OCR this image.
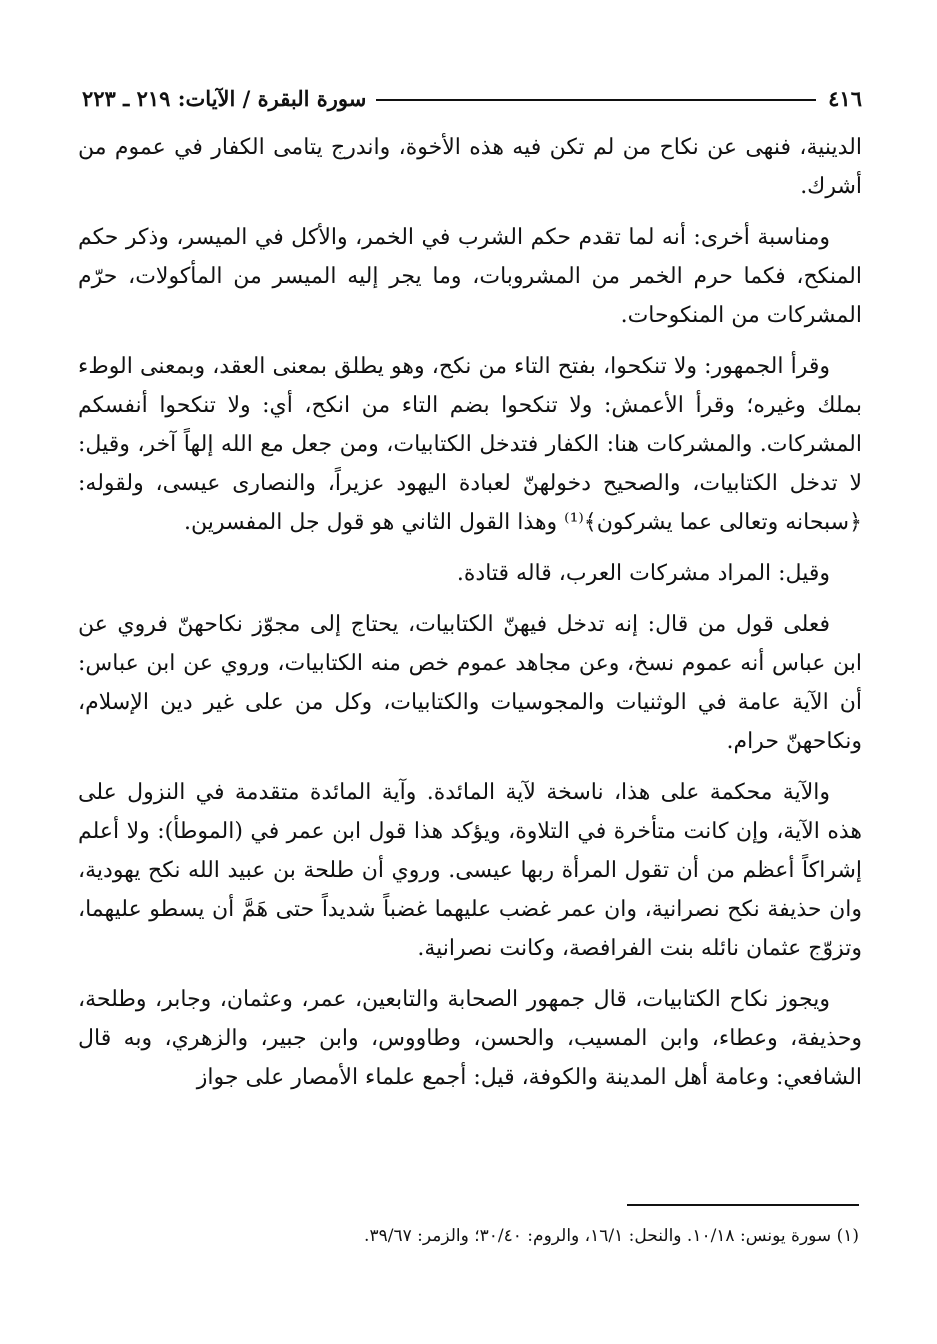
٤١٦
سورة البقرة / الآيات: ٢١٩ ـ ٢٢٣

الدينية، فنهى عن نكاح من لم تكن فيه هذه الأخوة، واندرج يتامى الكفار في عموم من أشرك.

ومناسبة أخرى: أنه لما تقدم حكم الشرب في الخمر، والأكل في الميسر، وذكر حكم المنكح، فكما حرم الخمر من المشروبات، وما يجر إليه الميسر من المأكولات، حرّم المشركات من المنكوحات.

وقرأ الجمهور: ولا تنكحوا، بفتح التاء من نكح، وهو يطلق بمعنى العقد، وبمعنى الوطء بملك وغيره؛ وقرأ الأعمش: ولا تنكحوا بضم التاء من انكح، أي: ولا تنكحوا أنفسكم المشركات. والمشركات هنا: الكفار فتدخل الكتابيات، ومن جعل مع الله إلهاً آخر، وقيل: لا تدخل الكتابيات، والصحيح دخولهنّ لعبادة اليهود عزيراً، والنصارى عيسى، ولقوله: ﴿سبحانه وتعالى عما يشركون﴾⁽¹⁾ وهذا القول الثاني هو قول جل المفسرين.

وقيل: المراد مشركات العرب، قاله قتادة.

فعلى قول من قال: إنه تدخل فيهنّ الكتابيات، يحتاج إلى مجوّز نكاحهنّ فروي عن ابن عباس أنه عموم نسخ، وعن مجاهد عموم خص منه الكتابيات، وروي عن ابن عباس: أن الآية عامة في الوثنيات والمجوسيات والكتابيات، وكل من على غير دين الإسلام، ونكاحهنّ حرام.

والآية محكمة على هذا، ناسخة لآية المائدة. وآية المائدة متقدمة في النزول على هذه الآية، وإن كانت متأخرة في التلاوة، ويؤكد هذا قول ابن عمر في (الموطأ): ولا أعلم إشراكاً أعظم من أن تقول المرأة ربها عيسى. وروي أن طلحة بن عبيد الله نكح يهودية، وان حذيفة نكح نصرانية، وان عمر غضب عليهما غضباً شديداً حتى هَمَّ أن يسطو عليهما، وتزوّج عثمان نائله بنت الفرافصة، وكانت نصرانية.

ويجوز نكاح الكتابيات، قال جمهور الصحابة والتابعين، عمر، وعثمان، وجابر، وطلحة، وحذيفة، وعطاء، وابن المسيب، والحسن، وطاووس، وابن جبير، والزهري، وبه قال الشافعي: وعامة أهل المدينة والكوفة، قيل: أجمع علماء الأمصار على جواز

(١) سورة يونس: ١٠/١٨. والنحل: ١٦/١، والروم: ٣٠/٤٠؛ والزمر: ٣٩/٦٧.
